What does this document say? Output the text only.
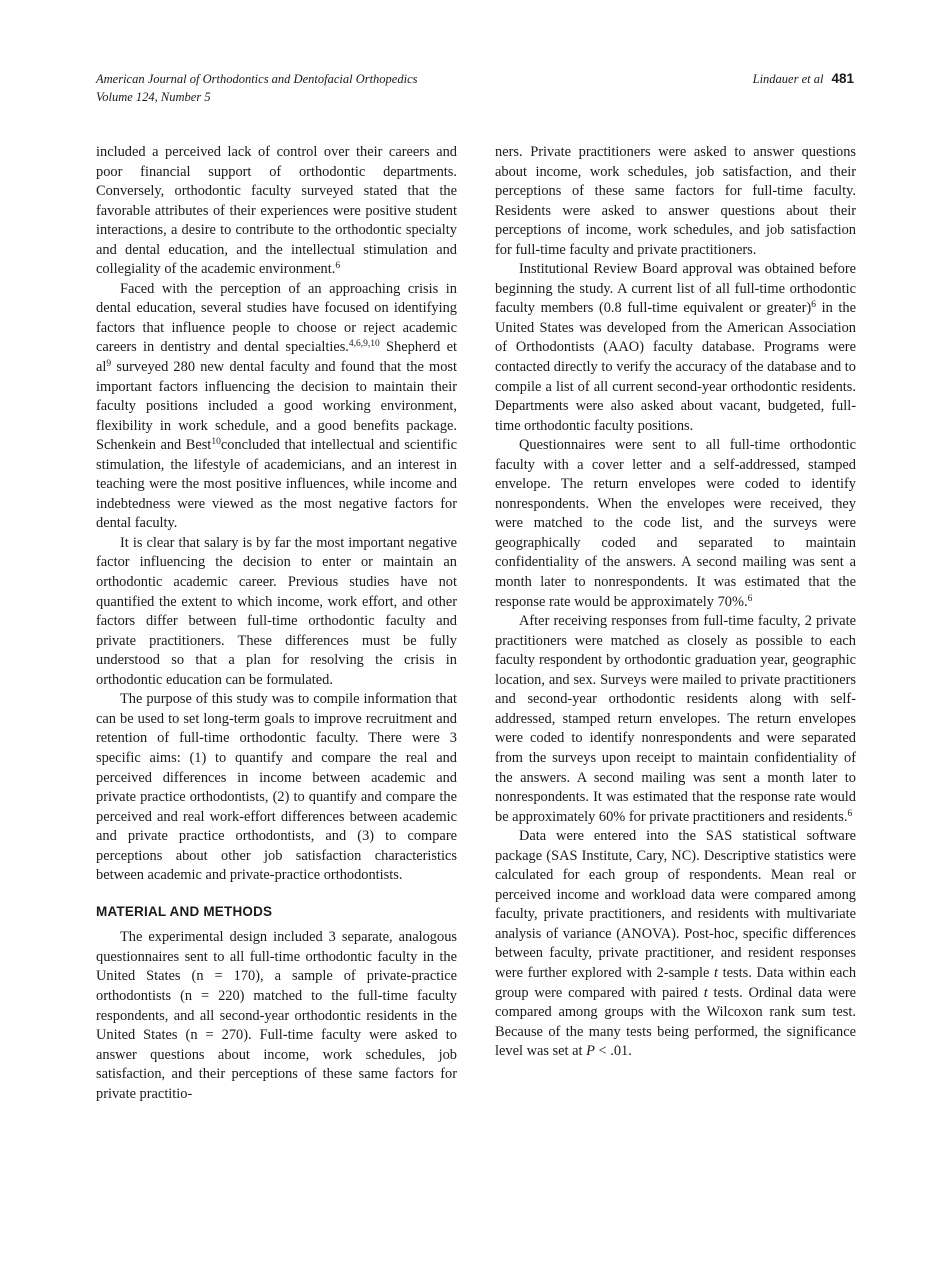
American Journal of Orthodontics and Dentofacial Orthopedics
Volume 124, Number 5
Lindauer et al 481

included a perceived lack of control over their careers and poor financial support of orthodontic departments. Conversely, orthodontic faculty surveyed stated that the favorable attributes of their experiences were positive student interactions, a desire to contribute to the orthodontic specialty and dental education, and the intellectual stimulation and collegiality of the academic environment.$^6$

Faced with the perception of an approaching crisis in dental education, several studies have focused on identifying factors that influence people to choose or reject academic careers in dentistry and dental specialties.$^{4,6,9,10}$ Shepherd et $al^9$ surveyed 280 new dental faculty and found that the most important factors influencing the decision to maintain their faculty positions included a good working environment, flexibility in work schedule, and a good benefits package. Schenkein and Best$^{10}$concluded that intellectual and scientific stimulation, the lifestyle of academicians, and an interest in teaching were the most positive influences, while income and indebtedness were viewed as the most negative factors for dental faculty.

It is clear that salary is by far the most important negative factor influencing the decision to enter or maintain an orthodontic academic career. Previous studies have not quantified the extent to which income, work effort, and other factors differ between full-time orthodontic faculty and private practitioners. These differences must be fully understood so that a plan for resolving the crisis in orthodontic education can be formulated.

The purpose of this study was to compile information that can be used to set long-term goals to improve recruitment and retention of full-time orthodontic faculty. There were 3 specific aims: (1) to quantify and compare the real and perceived differences in income between academic and private practice orthodontists, (2) to quantify and compare the perceived and real work-effort differences between academic and private practice orthodontists, and (3) to compare perceptions about other job satisfaction characteristics between academic and private-practice orthodontists.

MATERIAL AND METHODS

The experimental design included 3 separate, analogous questionnaires sent to all full-time orthodontic faculty in the United States (n = 170), a sample of private-practice orthodontists (n = 220) matched to the full-time faculty respondents, and all second-year orthodontic residents in the United States (n = 270). Full-time faculty were asked to answer questions about income, work schedules, job satisfaction, and their perceptions of these same factors for private practitio-

ners. Private practitioners were asked to answer questions about income, work schedules, job satisfaction, and their perceptions of these same factors for full-time faculty. Residents were asked to answer questions about their perceptions of income, work schedules, and job satisfaction for full-time faculty and private practitioners.

Institutional Review Board approval was obtained before beginning the study. A current list of all full-time orthodontic faculty members (0.8 full-time equivalent or greater)$^6$ in the United States was developed from the American Association of Orthodontists (AAO) faculty database. Programs were contacted directly to verify the accuracy of the database and to compile a list of all current second-year orthodontic residents. Departments were also asked about vacant, budgeted, full-time orthodontic faculty positions.

Questionnaires were sent to all full-time orthodontic faculty with a cover letter and a self-addressed, stamped envelope. The return envelopes were coded to identify nonrespondents. When the envelopes were received, they were matched to the code list, and the surveys were geographically coded and separated to maintain confidentiality of the answers. A second mailing was sent a month later to nonrespondents. It was estimated that the response rate would be approximately 70%.$^6$

After receiving responses from full-time faculty, 2 private practitioners were matched as closely as possible to each faculty respondent by orthodontic graduation year, geographic location, and sex. Surveys were mailed to private practitioners and second-year orthodontic residents along with self-addressed, stamped return envelopes. The return envelopes were coded to identify nonrespondents and were separated from the surveys upon receipt to maintain confidentiality of the answers. A second mailing was sent a month later to nonrespondents. It was estimated that the response rate would be approximately 60% for private practitioners and residents.$^6$

Data were entered into the SAS statistical software package (SAS Institute, Cary, NC). Descriptive statistics were calculated for each group of respondents. Mean real or perceived income and workload data were compared among faculty, private practitioners, and residents with multivariate analysis of variance (ANOVA). Post-hoc, specific differences between faculty, private practitioner, and resident responses were further explored with 2-sample t tests. Data within each group were compared with paired t tests. Ordinal data were compared among groups with the Wilcoxon rank sum test. Because of the many tests being performed, the significance level was set at P < .01.
